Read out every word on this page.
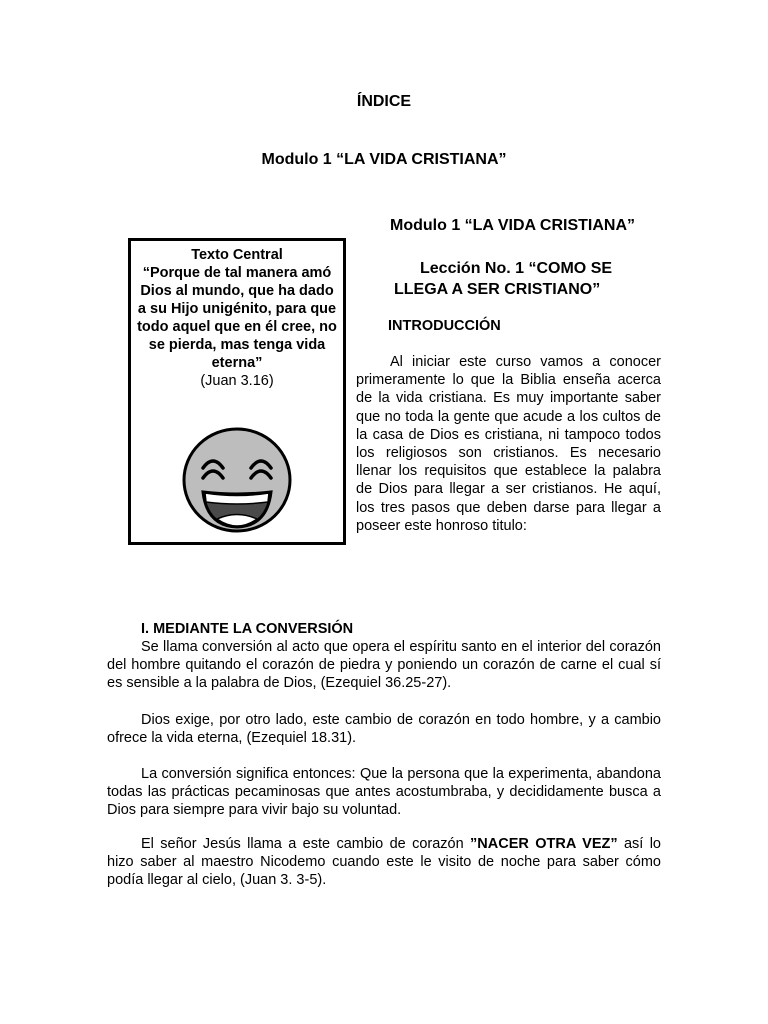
ÍNDICE
Modulo 1 “LA VIDA CRISTIANA”
Texto Central
“Porque de tal manera amó Dios al mundo, que ha dado a su Hijo unigénito, para que todo aquel que en él cree, no se pierda, mas tenga vida eterna”
(Juan 3.16)
Modulo 1 “LA VIDA CRISTIANA”
Lección No. 1 “COMO SE
LLEGA A SER CRISTIANO”
INTRODUCCIÓN
Al iniciar este curso vamos a conocer primeramente lo que la Biblia enseña acerca de la vida cristiana. Es muy importante saber que no toda la gente que acude a los cultos de la casa de Dios es cristiana, ni tampoco todos los religiosos son cristianos. Es necesario llenar los requisitos que establece la palabra de Dios para llegar a ser cristianos. He aquí, los tres pasos que deben darse para llegar a poseer este honroso titulo:
I. MEDIANTE LA CONVERSIÓN
Se llama conversión al acto que opera el espíritu santo en el interior del corazón del hombre quitando el corazón de piedra y poniendo un corazón de carne el cual sí es sensible a la palabra de Dios, (Ezequiel 36.25-27).
Dios exige, por otro lado, este cambio de corazón en todo hombre, y a cambio ofrece la vida eterna, (Ezequiel 18.31).
La conversión significa entonces: Que la persona que la experimenta, abandona todas las prácticas pecaminosas que antes acostumbraba, y decididamente busca a Dios para siempre para vivir bajo su voluntad.
El señor Jesús llama a este cambio de corazón ”NACER OTRA VEZ” así lo hizo saber al maestro Nicodemo cuando este le visito de noche para saber cómo podía llegar al cielo, (Juan 3. 3-5).
